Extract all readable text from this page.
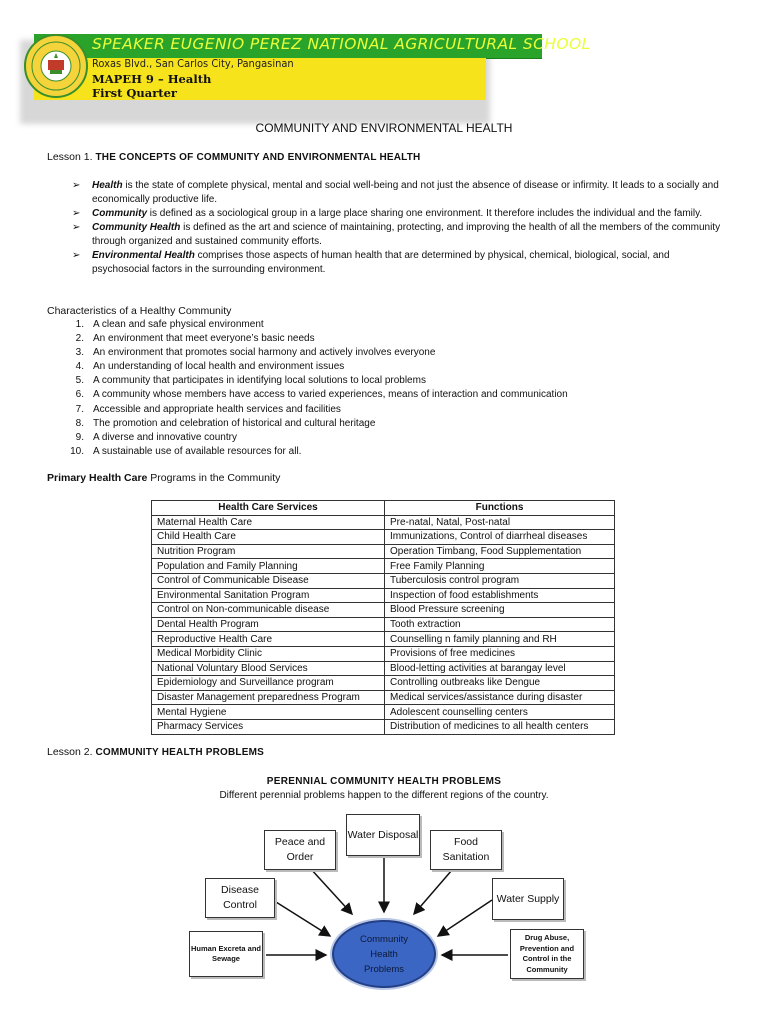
SPEAKER EUGENIO PEREZ NATIONAL AGRICULTURAL SCHOOL
Roxas Blvd., San Carlos City, Pangasinan
MAPEH 9 – Health
First Quarter
COMMUNITY AND ENVIRONMENTAL HEALTH
Lesson 1. THE CONCEPTS OF COMMUNITY AND ENVIRONMENTAL HEALTH
➢ Health is the state of complete physical, mental and social well-being and not just the absence of disease or infirmity. It leads to a socially and economically productive life.
➢ Community is defined as a sociological group in a large place sharing one environment. It therefore includes the individual and the family.
➢ Community Health is defined as the art and science of maintaining, protecting, and improving the health of all the members of the community through organized and sustained community efforts.
➢ Environmental Health comprises those aspects of human health that are determined by physical, chemical, biological, social, and psychosocial factors in the surrounding environment.
Characteristics of a Healthy Community
1. A clean and safe physical environment
2. An environment that meet everyone’s basic needs
3. An environment that promotes social harmony and actively involves everyone
4. An understanding of local health and environment issues
5. A community that participates in identifying local solutions to local problems
6. A community whose members have access to varied experiences, means of interaction and communication
7. Accessible and appropriate health services and facilities
8. The promotion and celebration of historical and cultural heritage
9. A diverse and innovative country
10. A sustainable use of available resources for all.
Primary Health Care Programs in the Community
Health Care Services	Functions
Maternal Health Care	Pre-natal, Natal, Post-natal
Child Health Care	Immunizations, Control of diarrheal diseases
Nutrition Program	Operation Timbang, Food Supplementation
Population and Family Planning	Free Family Planning
Control of Communicable Disease	Tuberculosis control program
Environmental Sanitation Program	Inspection of food establishments
Control on Non-communicable disease	Blood Pressure screening
Dental Health Program	Tooth extraction
Reproductive Health Care	Counselling n family planning and RH
Medical Morbidity Clinic	Provisions of free medicines
National Voluntary Blood Services	Blood-letting activities at barangay level
Epidemiology and Surveillance program	Controlling outbreaks like Dengue
Disaster Management preparedness Program	Medical services/assistance during disaster
Mental Hygiene	Adolescent counselling centers
Pharmacy Services	Distribution of medicines to all health centers
Lesson 2. COMMUNITY HEALTH PROBLEMS
PERENNIAL COMMUNITY HEALTH PROBLEMS
Different perennial problems happen to the different regions of the country.
Water Disposal
Peace and Order
Food Sanitation
Disease Control
Water Supply
Human Excreta and Sewage
Drug Abuse, Prevention and Control in the Community
Community Health Problems
